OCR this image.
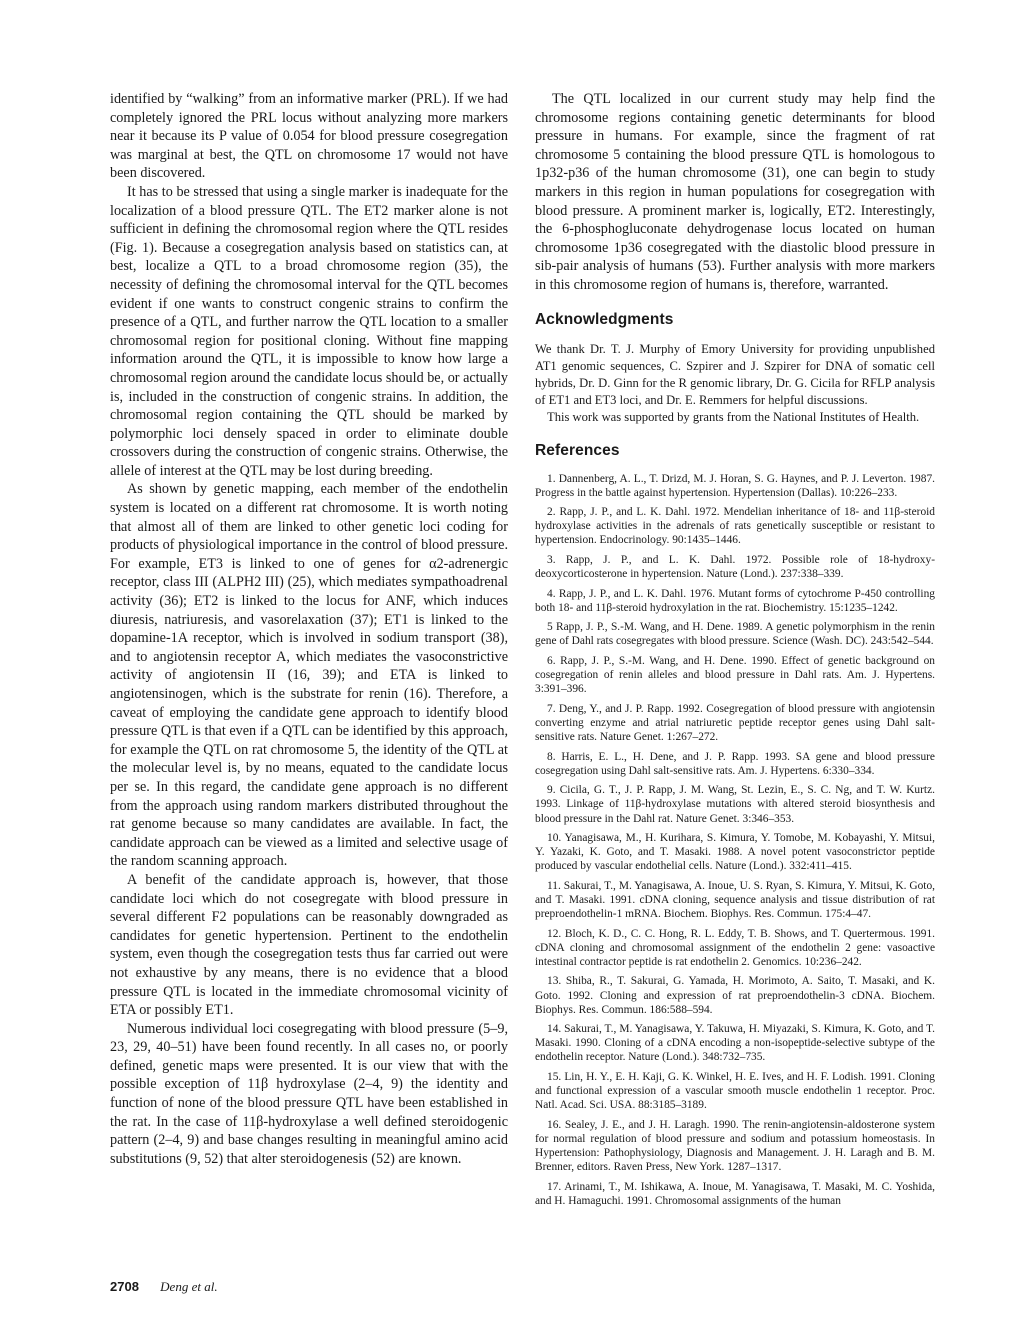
identified by “walking” from an informative marker (PRL). If we had completely ignored the PRL locus without analyzing more markers near it because its P value of 0.054 for blood pressure cosegregation was marginal at best, the QTL on chromosome 17 would not have been discovered.

It has to be stressed that using a single marker is inadequate for the localization of a blood pressure QTL. The ET2 marker alone is not sufficient in defining the chromosomal region where the QTL resides (Fig. 1). Because a cosegregation analysis based on statistics can, at best, localize a QTL to a broad chromosome region (35), the necessity of defining the chromosomal interval for the QTL becomes evident if one wants to construct congenic strains to confirm the presence of a QTL, and further narrow the QTL location to a smaller chromosomal region for positional cloning. Without fine mapping information around the QTL, it is impossible to know how large a chromosomal region around the candidate locus should be, or actually is, included in the construction of congenic strains. In addition, the chromosomal region containing the QTL should be marked by polymorphic loci densely spaced in order to eliminate double crossovers during the construction of congenic strains. Otherwise, the allele of interest at the QTL may be lost during breeding.

As shown by genetic mapping, each member of the endothelin system is located on a different rat chromosome. It is worth noting that almost all of them are linked to other genetic loci coding for products of physiological importance in the control of blood pressure. For example, ET3 is linked to one of genes for α2-adrenergic receptor, class III (ALPH2 III) (25), which mediates sympathoadrenal activity (36); ET2 is linked to the locus for ANF, which induces diuresis, natriuresis, and vasorelaxation (37); ET1 is linked to the dopamine-1A receptor, which is involved in sodium transport (38), and to angiotensin receptor A, which mediates the vasoconstrictive activity of angiotensin II (16, 39); and ETA is linked to angiotensinogen, which is the substrate for renin (16). Therefore, a caveat of employing the candidate gene approach to identify blood pressure QTL is that even if a QTL can be identified by this approach, for example the QTL on rat chromosome 5, the identity of the QTL at the molecular level is, by no means, equated to the candidate locus per se. In this regard, the candidate gene approach is no different from the approach using random markers distributed throughout the rat genome because so many candidates are available. In fact, the candidate approach can be viewed as a limited and selective usage of the random scanning approach.

A benefit of the candidate approach is, however, that those candidate loci which do not cosegregate with blood pressure in several different F2 populations can be reasonably downgraded as candidates for genetic hypertension. Pertinent to the endothelin system, even though the cosegregation tests thus far carried out were not exhaustive by any means, there is no evidence that a blood pressure QTL is located in the immediate chromosomal vicinity of ETA or possibly ET1.

Numerous individual loci cosegregating with blood pressure (5–9, 23, 29, 40–51) have been found recently. In all cases no, or poorly defined, genetic maps were presented. It is our view that with the possible exception of 11β hydroxylase (2–4, 9) the identity and function of none of the blood pressure QTL have been established in the rat. In the case of 11β-hydroxylase a well defined steroidogenic pattern (2–4, 9) and base changes resulting in meaningful amino acid substitutions (9, 52) that alter steroidogenesis (52) are known.

The QTL localized in our current study may help find the chromosome regions containing genetic determinants for blood pressure in humans. For example, since the fragment of rat chromosome 5 containing the blood pressure QTL is homologous to 1p32-p36 of the human chromosome (31), one can begin to study markers in this region in human populations for cosegregation with blood pressure. A prominent marker is, logically, ET2. Interestingly, the 6-phosphogluconate dehydrogenase locus located on human chromosome 1p36 cosegregated with the diastolic blood pressure in sib-pair analysis of humans (53). Further analysis with more markers in this chromosome region of humans is, therefore, warranted.

Acknowledgments

We thank Dr. T. J. Murphy of Emory University for providing unpublished AT1 genomic sequences, C. Szpirer and J. Szpirer for DNA of somatic cell hybrids, Dr. D. Ginn for the R genomic library, Dr. G. Cicila for RFLP analysis of ET1 and ET3 loci, and Dr. E. Remmers for helpful discussions.

This work was supported by grants from the National Institutes of Health.

References
1. Dannenberg, A. L., T. Drizd, M. J. Horan, S. G. Haynes, and P. J. Leverton. 1987. Progress in the battle against hypertension. Hypertension (Dallas). 10:226–233.
2. Rapp, J. P., and L. K. Dahl. 1972. Mendelian inheritance of 18- and 11β-steroid hydroxylase activities in the adrenals of rats genetically susceptible or resistant to hypertension. Endocrinology. 90:1435–1446.
3. Rapp, J. P., and L. K. Dahl. 1972. Possible role of 18-hydroxy-deoxycorticosterone in hypertension. Nature (Lond.). 237:338–339.
4. Rapp, J. P., and L. K. Dahl. 1976. Mutant forms of cytochrome P-450 controlling both 18- and 11β-steroid hydroxylation in the rat. Biochemistry. 15:1235–1242.
5 Rapp, J. P., S.-M. Wang, and H. Dene. 1989. A genetic polymorphism in the renin gene of Dahl rats cosegregates with blood pressure. Science (Wash. DC). 243:542–544.
6. Rapp, J. P., S.-M. Wang, and H. Dene. 1990. Effect of genetic background on cosegregation of renin alleles and blood pressure in Dahl rats. Am. J. Hypertens. 3:391–396.
7. Deng, Y., and J. P. Rapp. 1992. Cosegregation of blood pressure with angiotensin converting enzyme and atrial natriuretic peptide receptor genes using Dahl salt-sensitive rats. Nature Genet. 1:267–272.
8. Harris, E. L., H. Dene, and J. P. Rapp. 1993. SA gene and blood pressure cosegregation using Dahl salt-sensitive rats. Am. J. Hypertens. 6:330–334.
9. Cicila, G. T., J. P. Rapp, J. M. Wang, St. Lezin, E., S. C. Ng, and T. W. Kurtz. 1993. Linkage of 11β-hydroxylase mutations with altered steroid biosynthesis and blood pressure in the Dahl rat. Nature Genet. 3:346–353.
10. Yanagisawa, M., H. Kurihara, S. Kimura, Y. Tomobe, M. Kobayashi, Y. Mitsui, Y. Yazaki, K. Goto, and T. Masaki. 1988. A novel potent vasoconstrictor peptide produced by vascular endothelial cells. Nature (Lond.). 332:411–415.
11. Sakurai, T., M. Yanagisawa, A. Inoue, U. S. Ryan, S. Kimura, Y. Mitsui, K. Goto, and T. Masaki. 1991. cDNA cloning, sequence analysis and tissue distribution of rat preproendothelin-1 mRNA. Biochem. Biophys. Res. Commun. 175:4–47.
12. Bloch, K. D., C. C. Hong, R. L. Eddy, T. B. Shows, and T. Quertermous. 1991. cDNA cloning and chromosomal assignment of the endothelin 2 gene: vasoactive intestinal contractor peptide is rat endothelin 2. Genomics. 10:236–242.
13. Shiba, R., T. Sakurai, G. Yamada, H. Morimoto, A. Saito, T. Masaki, and K. Goto. 1992. Cloning and expression of rat preproendothelin-3 cDNA. Biochem. Biophys. Res. Commun. 186:588–594.
14. Sakurai, T., M. Yanagisawa, Y. Takuwa, H. Miyazaki, S. Kimura, K. Goto, and T. Masaki. 1990. Cloning of a cDNA encoding a non-isopeptide-selective subtype of the endothelin receptor. Nature (Lond.). 348:732–735.
15. Lin, H. Y., E. H. Kaji, G. K. Winkel, H. E. Ives, and H. F. Lodish. 1991. Cloning and functional expression of a vascular smooth muscle endothelin 1 receptor. Proc. Natl. Acad. Sci. USA. 88:3185–3189.
16. Sealey, J. E., and J. H. Laragh. 1990. The renin-angiotensin-aldosterone system for normal regulation of blood pressure and sodium and potassium homeostasis. In Hypertension: Pathophysiology, Diagnosis and Management. J. H. Laragh and B. M. Brenner, editors. Raven Press, New York. 1287–1317.
17. Arinami, T., M. Ishikawa, A. Inoue, M. Yanagisawa, T. Masaki, M. C. Yoshida, and H. Hamaguchi. 1991. Chromosomal assignments of the human
2708 Deng et al.
